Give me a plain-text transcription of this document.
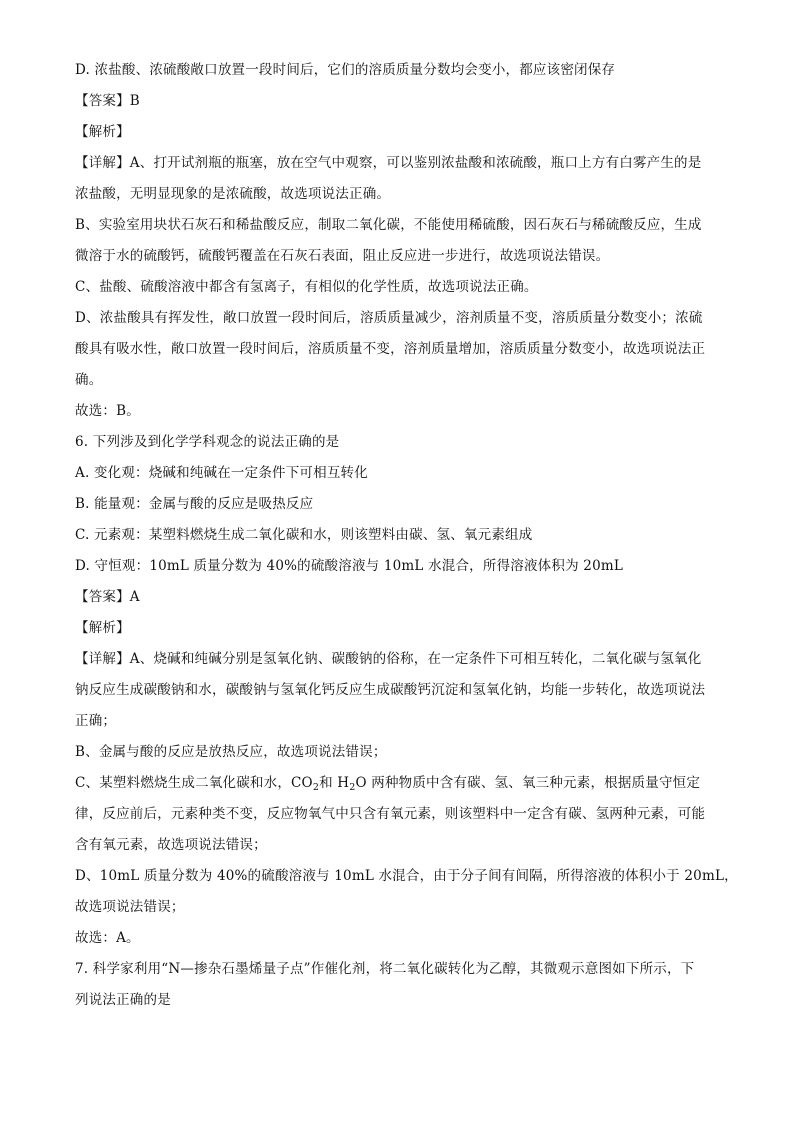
D. 浓盐酸、浓硫酸敞口放置一段时间后，它们的溶质质量分数均会变小，都应该密闭保存
【答案】B
【解析】
【详解】A、打开试剂瓶的瓶塞，放在空气中观察，可以鉴别浓盐酸和浓硫酸，瓶口上方有白雾产生的是
浓盐酸，无明显现象的是浓硫酸，故选项说法正确。
B、实验室用块状石灰石和稀盐酸反应，制取二氧化碳，不能使用稀硫酸，因石灰石与稀硫酸反应，生成
微溶于水的硫酸钙，硫酸钙覆盖在石灰石表面，阻止反应进一步进行，故选项说法错误。
C、盐酸、硫酸溶液中都含有氢离子，有相似的化学性质，故选项说法正确。
D、浓盐酸具有挥发性，敞口放置一段时间后，溶质质量减少，溶剂质量不变，溶质质量分数变小；浓硫
酸具有吸水性，敞口放置一段时间后，溶质质量不变，溶剂质量增加，溶质质量分数变小，故选项说法正
确。
故选：B。
6. 下列涉及到化学学科观念的说法正确的是
A. 变化观：烧碱和纯碱在一定条件下可相互转化
B. 能量观：金属与酸的反应是吸热反应
C. 元素观：某塑料燃烧生成二氧化碳和水，则该塑料由碳、氢、氧元素组成
D. 守恒观：10mL 质量分数为 40%的硫酸溶液与 10mL 水混合，所得溶液体积为 20mL
【答案】A
【解析】
【详解】A、烧碱和纯碱分别是氢氧化钠、碳酸钠的俗称，在一定条件下可相互转化，二氧化碳与氢氧化
钠反应生成碳酸钠和水，碳酸钠与氢氧化钙反应生成碳酸钙沉淀和氢氧化钠，均能一步转化，故选项说法
正确；
B、金属与酸的反应是放热反应，故选项说法错误；
C、某塑料燃烧生成二氧化碳和水，$CO_2$和 $H_2O$ 两种物质中含有碳、氢、氧三种元素，根据质量守恒定
律，反应前后，元素种类不变，反应物氧气中只含有氧元素，则该塑料中一定含有碳、氢两种元素，可能
含有氧元素，故选项说法错误；
D、10mL 质量分数为 40%的硫酸溶液与 10mL 水混合，由于分子间有间隔，所得溶液的体积小于 20mL，
故选项说法错误；
故选：A。
7. 科学家利用“N—掺杂石墨烯量子点”作催化剂，将二氧化碳转化为乙醇，其微观示意图如下所示，下
列说法正确的是
